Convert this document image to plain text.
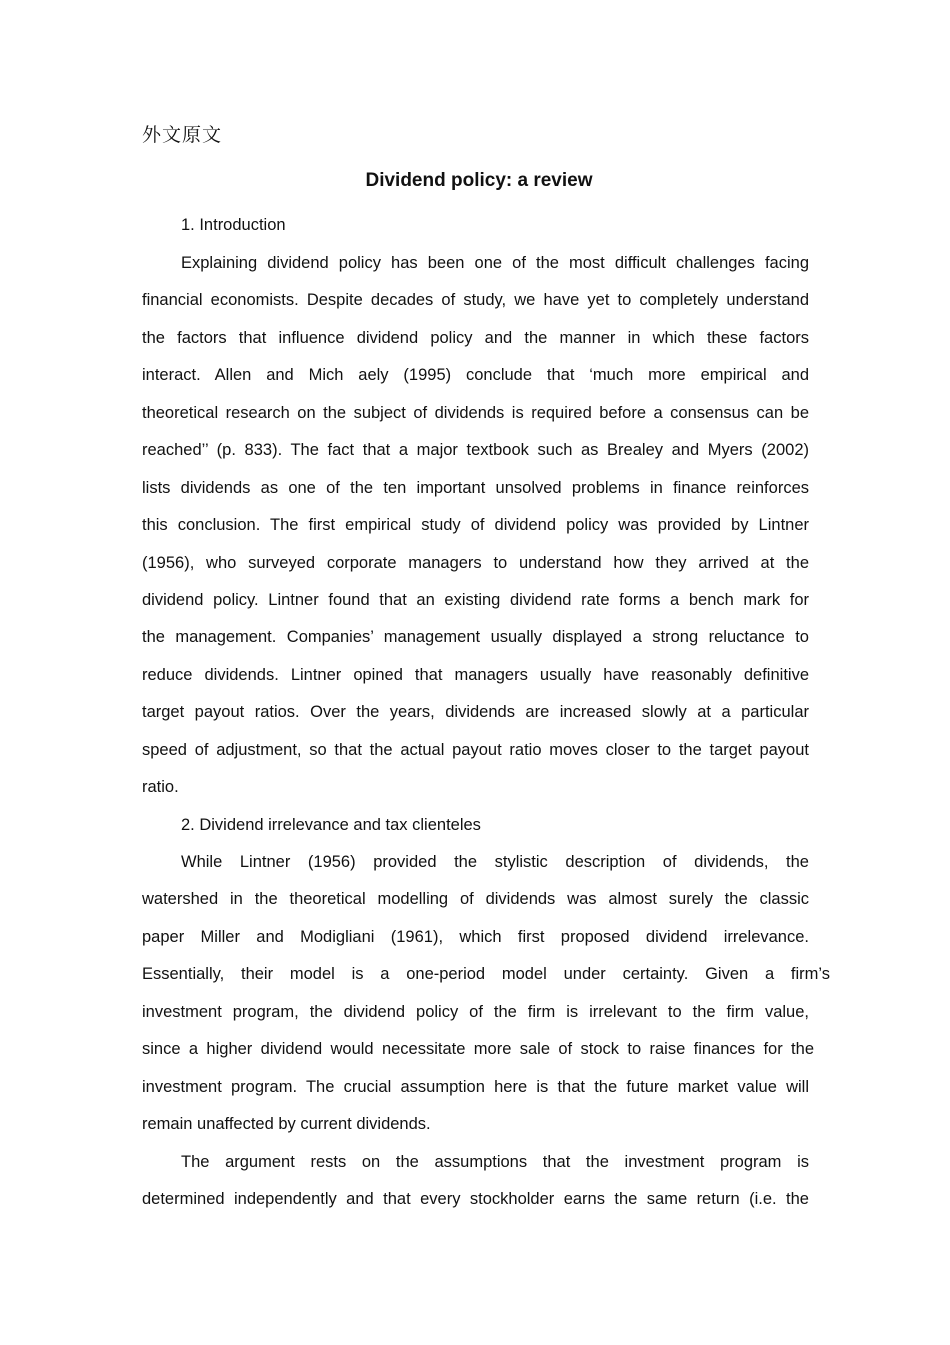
外文原文
Dividend policy: a review
1. Introduction
Explaining dividend policy has been one of the most difficult challenges facing
financial economists. Despite decades of study, we have yet to completely understand
the factors that influence dividend policy and the manner in which these factors
interact. Allen and Mich aely (1995) conclude that ‘much more empirical and
theoretical research on the subject of dividends is required before a consensus can be
reached’’ (p. 833). The fact that a major textbook such as Brealey and Myers (2002)
lists dividends as one of the ten important unsolved problems in finance reinforces
this conclusion. The first empirical study of dividend policy was provided by Lintner
(1956), who surveyed corporate managers to understand how they arrived at the
dividend policy. Lintner found that an existing dividend rate forms a bench mark for
the management. Companies’ management usually displayed a strong reluctance to
reduce dividends. Lintner opined that managers usually have reasonably definitive
target payout ratios. Over the years, dividends are increased slowly at a particular
speed of adjustment, so that the actual payout ratio moves closer to the target payout
ratio.
2. Dividend irrelevance and tax clienteles
While Lintner (1956) provided the stylistic description of dividends, the
watershed in the theoretical modelling of dividends was almost surely the classic
paper Miller and Modigliani (1961), which first proposed dividend irrelevance.
Essentially, their model is a one-period model under certainty. Given a firm’s
investment program, the dividend policy of the firm is irrelevant to the firm value,
since a higher dividend would necessitate more sale of stock to raise finances for the
investment program. The crucial assumption here is that the future market value will
remain unaffected by current dividends.
The argument rests on the assumptions that the investment program is
determined independently and that every stockholder earns the same return (i.e. the
